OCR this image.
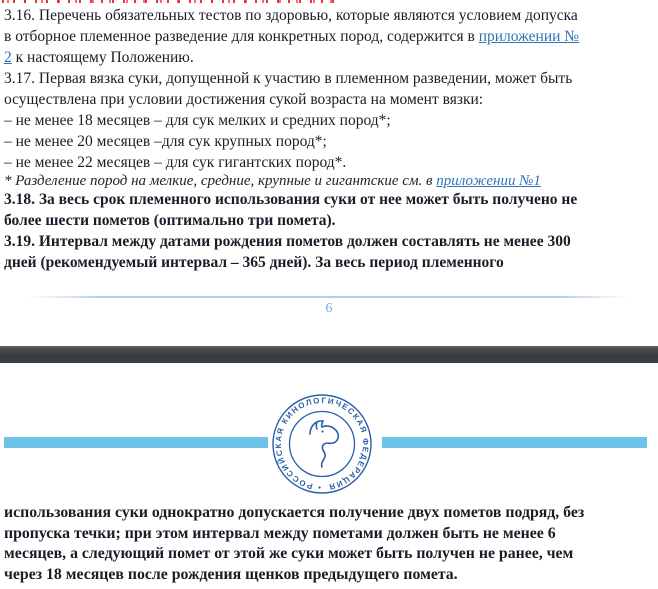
3.16. Перечень обязательных тестов по здоровью, которые являются условием допуска
в отборное племенное разведение для конкретных пород, содержится в приложении №
2 к настоящему Положению.
3.17. Первая вязка суки, допущенной к участию в племенном разведении, может быть
осуществлена при условии достижения сукой возраста на момент вязки:
– не менее 18 месяцев – для сук мелких и средних пород*;
– не менее 20 месяцев –для сук крупных пород*;
– не менее 22 месяцев – для сук гигантских пород*.
* Разделение пород на мелкие, средние, крупные и гигантские см. в приложении №1
3.18. За весь срок племенного использования суки от нее может быть получено не
более шести пометов (оптимально три помета).
3.19. Интервал между датами рождения пометов должен составлять не менее 300
дней (рекомендуемый интервал – 365 дней). За весь период племенного
6
• РОССИЙСКАЯ КИНОЛОГИЧЕСКАЯ ФЕДЕРАЦИЯ
использования суки однократно допускается получение двух пометов подряд, без
пропуска течки; при этом интервал между пометами должен быть не менее 6
месяцев, а следующий помет от этой же суки может быть получен не ранее, чем
через 18 месяцев после рождения щенков предыдущего помета.
